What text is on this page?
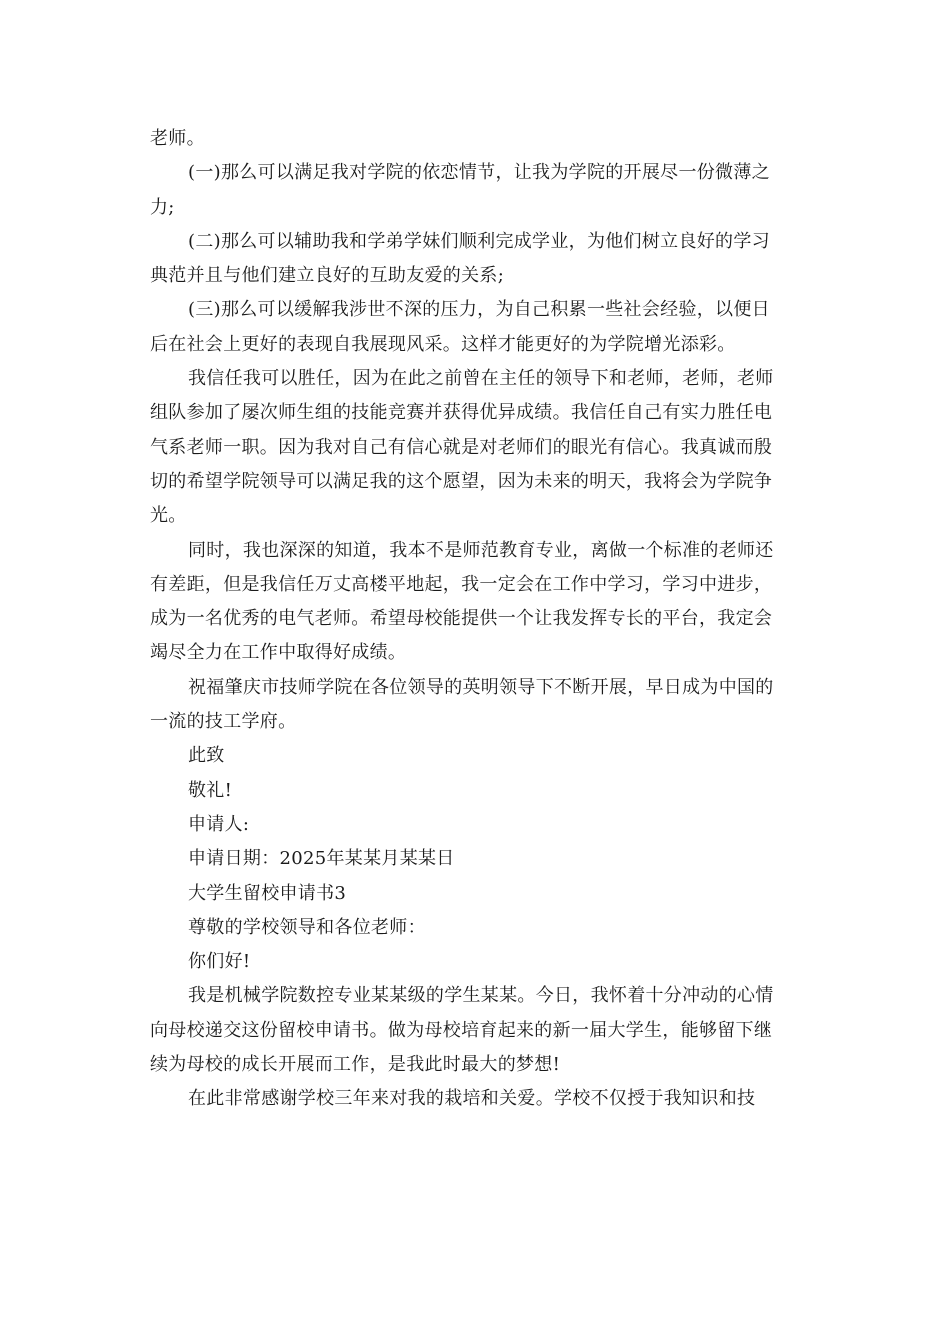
老师。
(一)那么可以满足我对学院的依恋情节，让我为学院的开展尽一份微薄之
力;
(二)那么可以辅助我和学弟学妹们顺利完成学业，为他们树立良好的学习
典范并且与他们建立良好的互助友爱的关系;
(三)那么可以缓解我涉世不深的压力，为自己积累一些社会经验，以便日
后在社会上更好的表现自我展现风采。这样才能更好的为学院增光添彩。
我信任我可以胜任，因为在此之前曾在主任的领导下和老师，老师，老师
组队参加了屡次师生组的技能竞赛并获得优异成绩。我信任自己有实力胜任电
气系老师一职。因为我对自己有信心就是对老师们的眼光有信心。我真诚而殷
切的希望学院领导可以满足我的这个愿望，因为未来的明天，我将会为学院争
光。
同时，我也深深的知道，我本不是师范教育专业，离做一个标准的老师还
有差距，但是我信任万丈高楼平地起，我一定会在工作中学习，学习中进步，
成为一名优秀的电气老师。希望母校能提供一个让我发挥专长的平台，我定会
竭尽全力在工作中取得好成绩。
祝福肇庆市技师学院在各位领导的英明领导下不断开展，早日成为中国的
一流的技工学府。
此致
敬礼!
申请人:
申请日期：2025年某某月某某日
大学生留校申请书3
尊敬的学校领导和各位老师：
你们好!
我是机械学院数控专业某某级的学生某某。今日，我怀着十分冲动的心情
向母校递交这份留校申请书。做为母校培育起来的新一届大学生，能够留下继
续为母校的成长开展而工作，是我此时最大的梦想!
在此非常感谢学校三年来对我的栽培和关爱。学校不仅授于我知识和技
